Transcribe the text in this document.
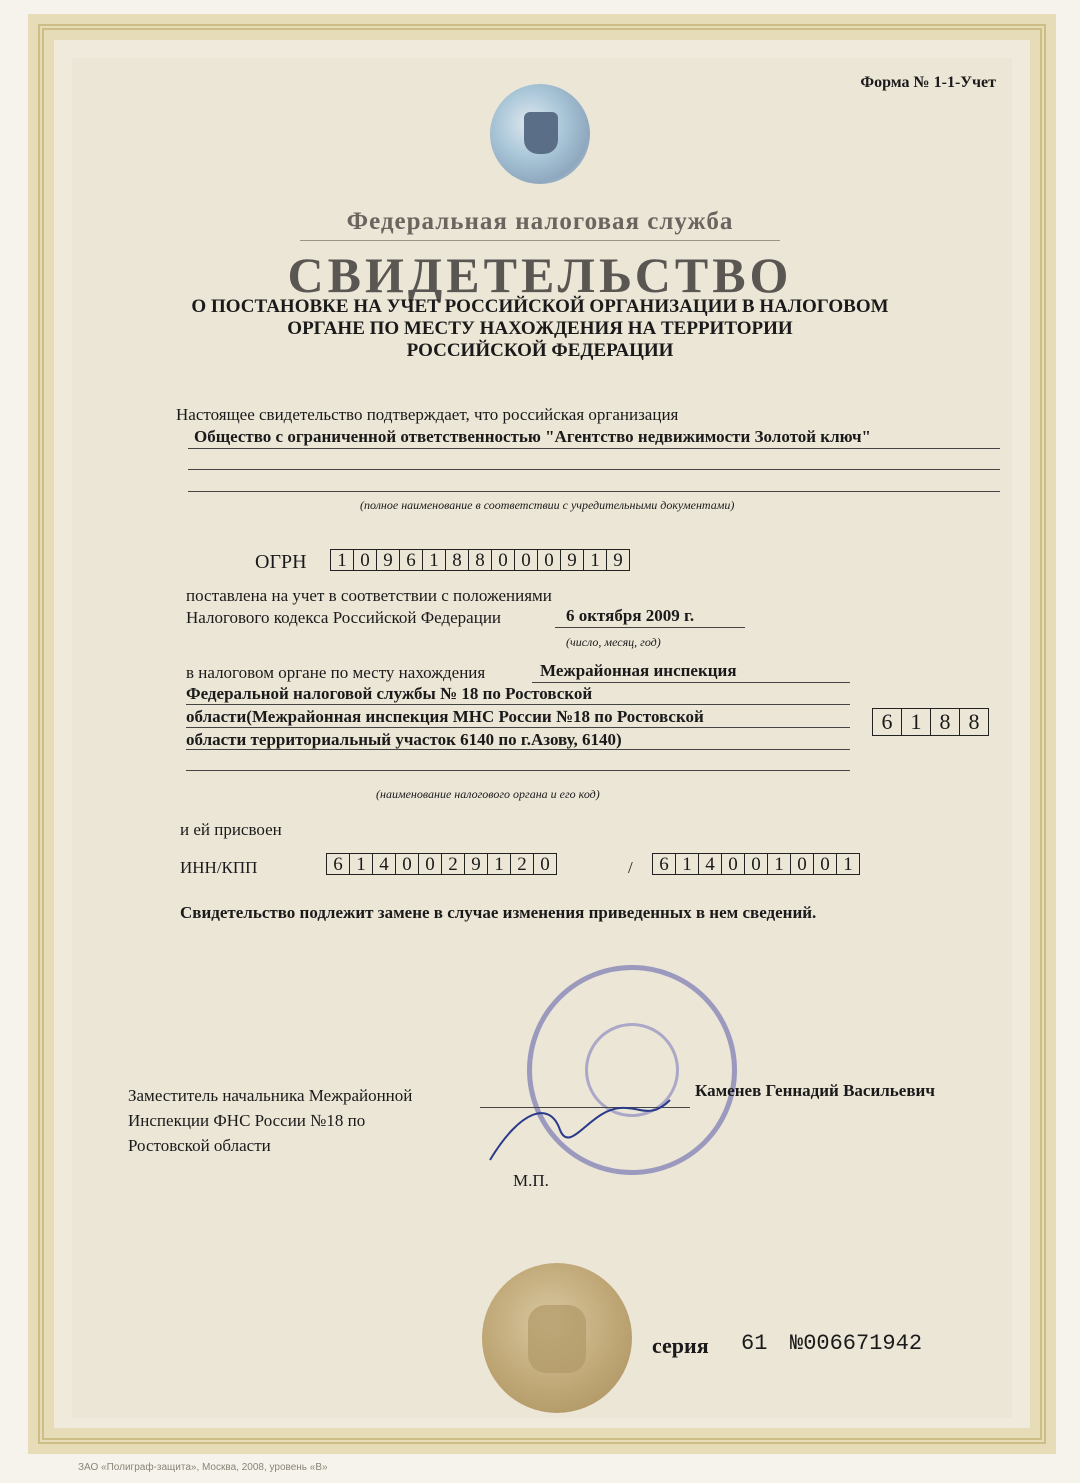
Форма № 1-1-Учет
Федеральная налоговая служба
СВИДЕТЕЛЬСТВО
О ПОСТАНОВКЕ НА УЧЕТ РОССИЙСКОЙ ОРГАНИЗАЦИИ В НАЛОГОВОМ
ОРГАНЕ ПО МЕСТУ НАХОЖДЕНИЯ НА ТЕРРИТОРИИ
РОССИЙСКОЙ ФЕДЕРАЦИИ
Настоящее свидетельство подтверждает, что российская организация
Общество с ограниченной ответственностью "Агентство недвижимости Золотой ключ"
(полное наименование в соответствии с учредительными документами)
ОГРН	1 0 9 6 1 8 8 0 0 0 9 1 9
поставлена на учет в соответствии с положениями
Налогового кодекса Российской Федерации	6 октября 2009 г.
(число, месяц, год)
в налоговом органе по месту нахождения	Межрайонная инспекция
Федеральной налоговой службы № 18 по Ростовской
области(Межрайонная инспекция МНС России №18 по Ростовской
области территориальный участок 6140 по г.Азову, 6140)
6 1 8 8
(наименование налогового органа и его код)
и ей присвоен
ИНН/КПП	6 1 4 0 0 2 9 1 2 0	/	6 1 4 0 0 1 0 0 1
Свидетельство подлежит замене в случае изменения приведенных в нем сведений.
Заместитель начальника Межрайонной
Инспекции ФНС России №18 по
Ростовской области
Каменев Геннадий Васильевич
М.П.
серия 61 №006671942
ЗАО «Полиграф-защита», Москва, 2008, уровень «В»
